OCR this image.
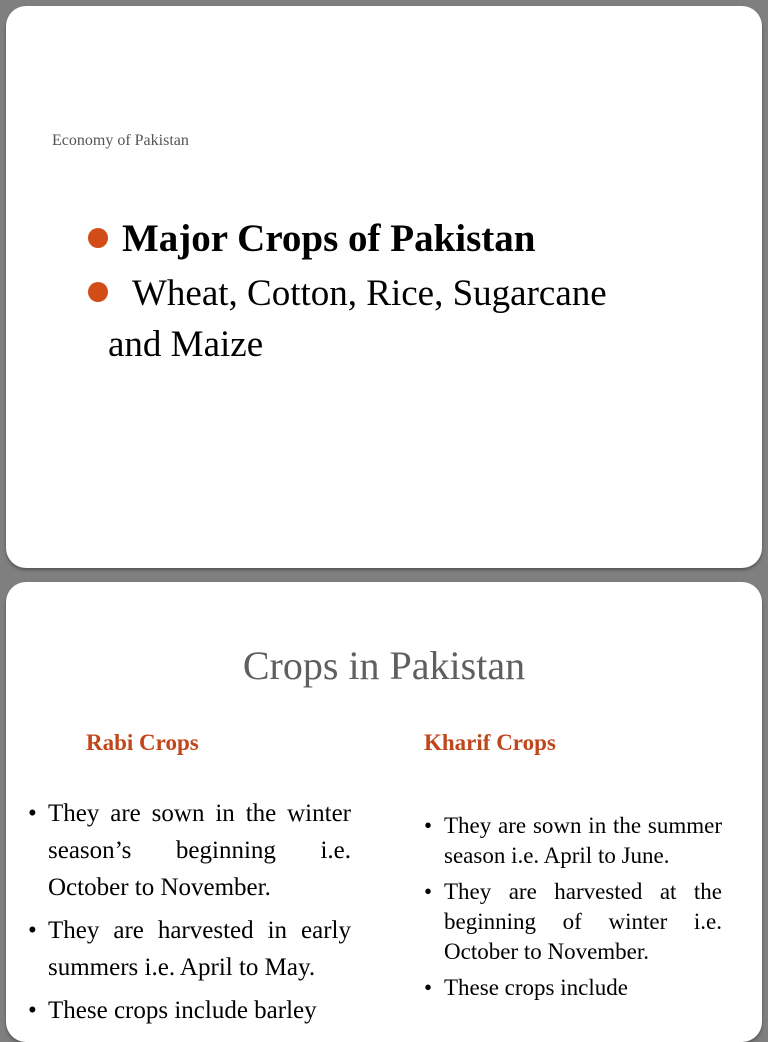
Economy of Pakistan
Major Crops of Pakistan
Wheat, Cotton, Rice, Sugarcane
and Maize
Crops in Pakistan
Rabi Crops	Kharif Crops
• They are sown in the winter season’s beginning i.e. October to November.
• They are harvested in early summers i.e. April to May.
• These crops include barley
• They are sown in the summer season i.e. April to June.
• They are harvested at the beginning of winter i.e. October to November.
• These crops include
